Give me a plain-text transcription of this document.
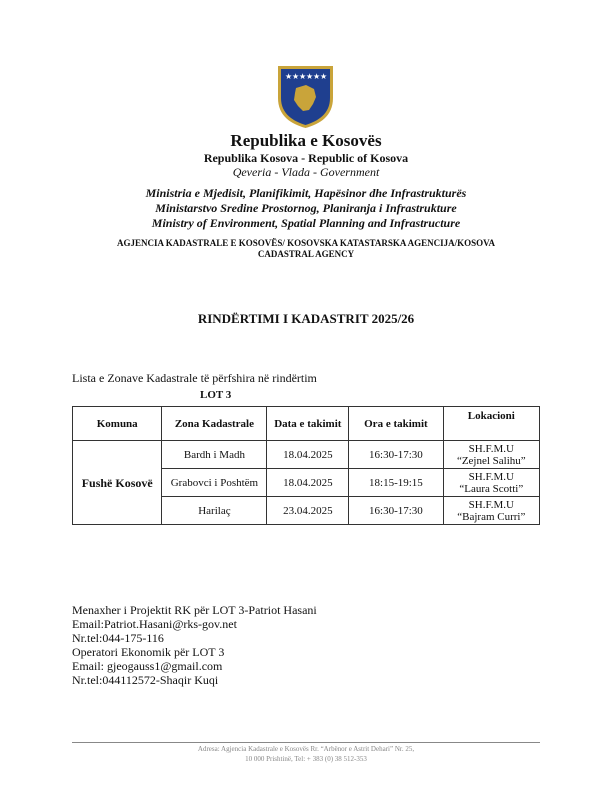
★ ★ ★ ★ ★ ★
Republika e Kosovës
Republika Kosova - Republic of Kosova
Qeveria - Vlada - Government
Ministria e Mjedisit, Planifikimit, Hapësinor dhe Infrastrukturës
Ministarstvo Sredine Prostornog, Planiranja i Infrastrukture
Ministry of Environment, Spatial Planning and Infrastructure
AGJENCIA KADASTRALE E KOSOVËS/ KOSOVSKA KATASTARSKA AGENCIJA/KOSOVA
CADASTRAL AGENCY
RINDËRTIMI I KADASTRIT 2025/26
Lista e Zonave Kadastrale të përfshira në rindërtim
LOT 3
Komuna	Zona Kadastrale	Data e takimit	Ora e takimit	Lokacioni
Fushë Kosovë	Bardh i Madh	18.04.2025	16:30-17:30	SH.F.M.U
“Zejnel Salihu”

	Grabovci i Poshtëm	18.04.2025	18:15-19:15	SH.F.M.U
“Laura Scotti”

	Harilaç	23.04.2025	16:30-17:30	SH.F.M.U
“Bajram Curri”
Menaxher i Projektit RK për LOT 3-Patriot Hasani
Email:Patriot.Hasani@rks-gov.net
Nr.tel:044-175-116
Operatori Ekonomik për LOT 3
Email: gjeogauss1@gmail.com
Nr.tel:044112572-Shaqir Kuqi
Adresa: Agjencia Kadastrale e Kosovës Rr. “Arbënor e Astrit Dehari” Nr. 25,
10 000 Prishtinë, Tel: + 383 (0) 38 512-353
